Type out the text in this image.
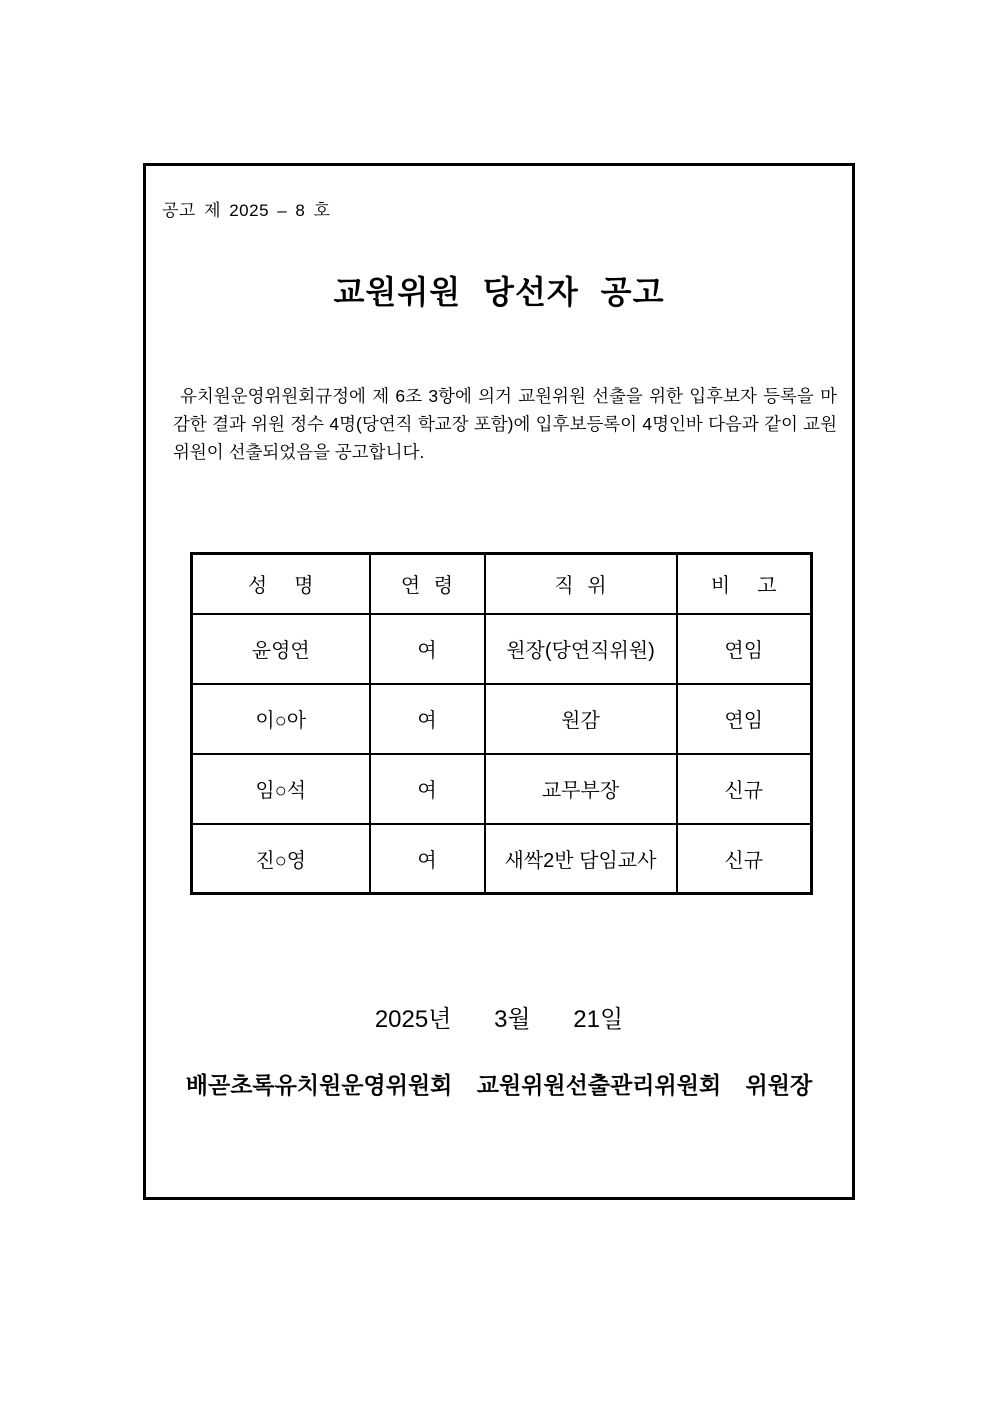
공고 제 2025 – 8 호
교원위원 당선자 공고

유치원운영위원회규정에 제 6조 3항에 의거 교원위원 선출을 위한 입후보자 등록을 마감한 결과 위원 정수 4명(당연직 학교장 포함)에 입후보등록이 4명인바 다음과 같이 교원위원이 선출되었음을 공고합니다.

성  명	연 령	직 위	비  고
윤영연	여	원장(당연직위원)	연임
이○아	여	원감	연임
임○석	여	교무부장	신규
진○영	여	새싹2반 담임교사	신규
2025년    3월    21일
배곧초록유치원운영위원회 교원위원선출관리위원회 위원장
